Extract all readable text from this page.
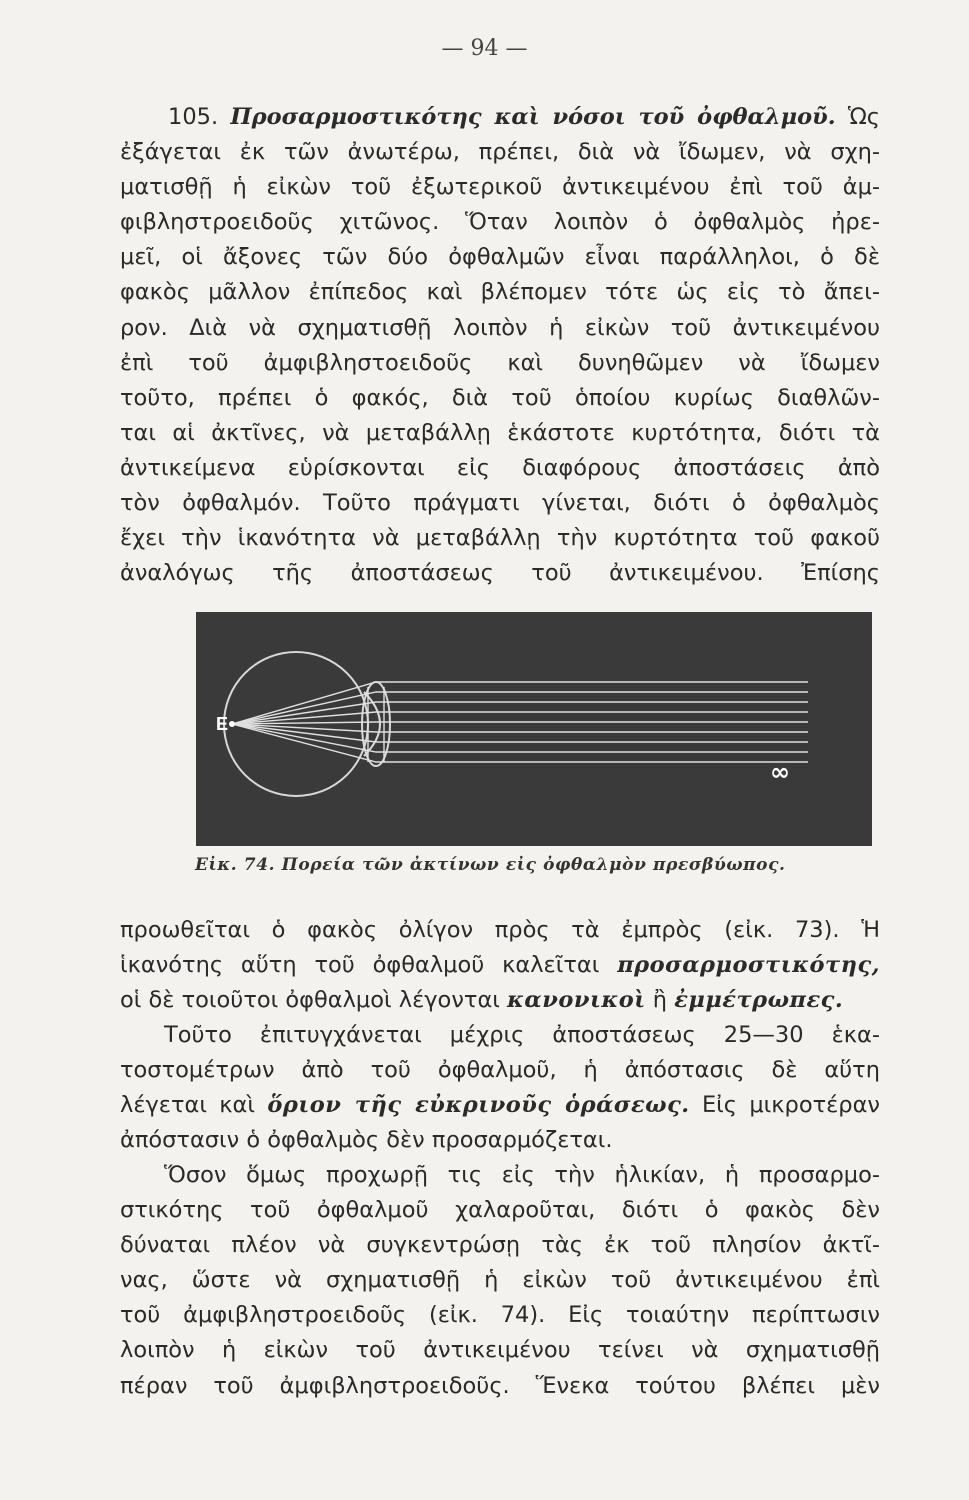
— 94 —
105. Προσαρμοστικότης καὶ νόσοι τοῦ ὀφθαλμοῦ. Ὡς
ἐξάγεται ἐκ τῶν ἀνωτέρω, πρέπει, διὰ νὰ ἴδωμεν, νὰ σχη-
ματισθῇ ἡ εἰκὼν τοῦ ἐξωτερικοῦ ἀντικειμένου ἐπὶ τοῦ ἀμ-
φιβληστροειδοῦς χιτῶνος. Ὅταν λοιπὸν ὁ ὀφθαλμὸς ἠρε-
μεῖ, οἱ ἄξονες τῶν δύο ὀφθαλμῶν εἶναι παράλληλοι, ὁ δὲ
φακὸς μᾶλλον ἐπίπεδος καὶ βλέπομεν τότε ὡς εἰς τὸ ἄπει-
ρον. Διὰ νὰ σχηματισθῇ λοιπὸν ἡ εἰκὼν τοῦ ἀντικειμένου
ἐπὶ τοῦ ἀμφιβληστοειδοῦς καὶ δυνηθῶμεν νὰ ἴδωμεν
τοῦτο, πρέπει ὁ φακός, διὰ τοῦ ὁποίου κυρίως διαθλῶν-
ται αἱ ἀκτῖνες, νὰ μεταβάλλῃ ἑκάστοτε κυρτότητα, διότι τὰ
ἀντικείμενα εὑρίσκονται εἰς διαφόρους ἀποστάσεις ἀπὸ
τὸν ὀφθαλμόν. Τοῦτο πράγματι γίνεται, διότι ὁ ὀφθαλμὸς
ἔχει τὴν ἱκανότητα νὰ μεταβάλλῃ τὴν κυρτότητα τοῦ φακοῦ
ἀναλόγως τῆς ἀποστάσεως τοῦ ἀντικειμένου. Ἐπίσης
Ε
∞
Εἰκ. 74. Πορεία τῶν ἀκτίνων εἰς ὀφθαλμὸν πρεσβύωπος.
προωθεῖται ὁ φακὸς ὀλίγον πρὸς τὰ ἐμπρὸς (εἰκ. 73). Ἡ
ἱκανότης αὕτη τοῦ ὀφθαλμοῦ καλεῖται προσαρμοστικότης,
οἱ δὲ τοιοῦτοι ὀφθαλμοὶ λέγονται κανονικοὶ ἢ ἐμμέτρωπες.
Τοῦτο ἐπιτυγχάνεται μέχρις ἀποστάσεως 25—30 ἑκα-
τοστομέτρων ἀπὸ τοῦ ὀφθαλμοῦ, ἡ ἀπόστασις δὲ αὕτη
λέγεται καὶ ὅριον τῆς εὐκρινοῦς ὁράσεως. Εἰς μικροτέραν
ἀπόστασιν ὁ ὀφθαλμὸς δὲν προσαρμόζεται.
Ὅσον ὅμως προχωρῇ τις εἰς τὴν ἡλικίαν, ἡ προσαρμο-
στικότης τοῦ ὀφθαλμοῦ χαλαροῦται, διότι ὁ φακὸς δὲν
δύναται πλέον νὰ συγκεντρώσῃ τὰς ἐκ τοῦ πλησίον ἀκτῖ-
νας, ὥστε νὰ σχηματισθῇ ἡ εἰκὼν τοῦ ἀντικειμένου ἐπὶ
τοῦ ἀμφιβληστροειδοῦς (εἰκ. 74). Εἰς τοιαύτην περίπτωσιν
λοιπὸν ἡ εἰκὼν τοῦ ἀντικειμένου τείνει νὰ σχηματισθῇ
πέραν τοῦ ἀμφιβληστροειδοῦς. Ἕνεκα τούτου βλέπει μὲν
